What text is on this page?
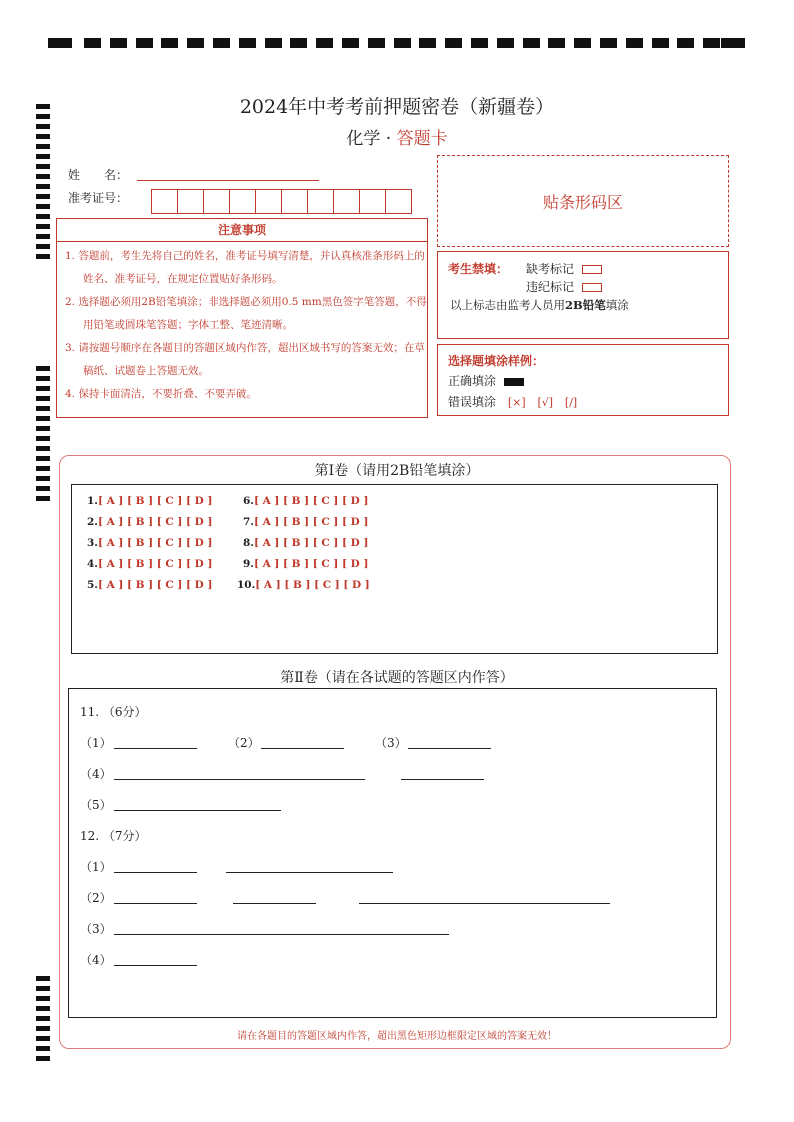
2024年中考考前押题密卷（新疆卷）
化学 · 答题卡
姓　　名：
准考证号：	贴条形码区
注意事项
1. 答题前，考生先将自己的姓名，准考证号填写清楚，并认真核准条形码上的姓名、准考证号，在规定位置贴好条形码。
2. 选择题必须用2B铅笔填涂；非选择题必须用0.5 mm黑色签字笔答题，不得用铅笔或圆珠笔答题；字体工整、笔迹清晰。
3. 请按题号顺序在各题目的答题区域内作答，超出区域书写的答案无效；在草稿纸、试题卷上答题无效。
4. 保持卡面清洁，不要折叠、不要弄破。
考生禁填： 缺考标记
违纪标记
以上标志由监考人员用2B铅笔填涂
选择题填涂样例：
正确填涂
错误填涂 [×] [√] [/]
第Ⅰ卷（请用2B铅笔填涂）
1.[ A ] [ B ] [ C ] [ D ]
2.[ A ] [ B ] [ C ] [ D ]
3.[ A ] [ B ] [ C ] [ D ]
4.[ A ] [ B ] [ C ] [ D ]
5.[ A ] [ B ] [ C ] [ D ]
6.[ A ] [ B ] [ C ] [ D ]
7.[ A ] [ B ] [ C ] [ D ]
8.[ A ] [ B ] [ C ] [ D ]
9.[ A ] [ B ] [ C ] [ D ]
10.[ A ] [ B ] [ C ] [ D ]
第Ⅱ卷（请在各试题的答题区内作答）
11. （6分）
（1）	（2）	（3）
（4）
（5）
12. （7分）
（1）
（2）
（3）
（4）
请在各题目的答题区域内作答，超出黑色矩形边框限定区域的答案无效！
